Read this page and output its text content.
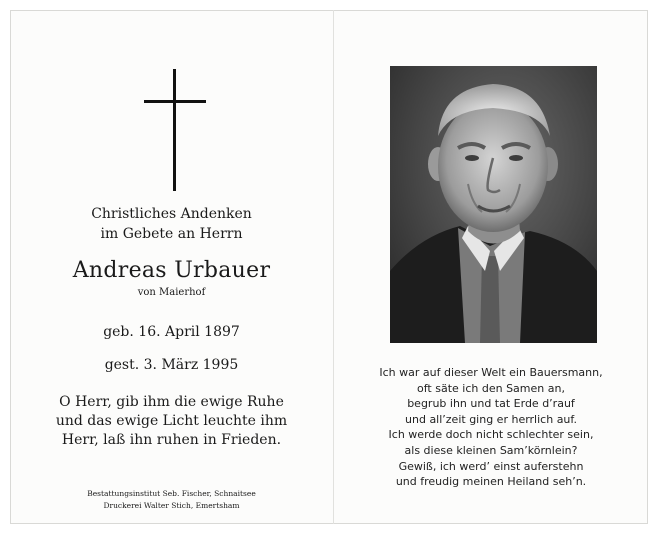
Christliches Andenken
im Gebete an Herrn
Andreas Urbauer
von Maierhof
geb. 16. April 1897
gest. 3. März 1995
O Herr, gib ihm die ewige Ruhe
und das ewige Licht leuchte ihm
Herr, laß ihn ruhen in Frieden.
Bestattungsinstitut Seb. Fischer, Schnaitsee
Druckerei Walter Stich, Emertsham
Ich war auf dieser Welt ein Bauersmann,
oft säte ich den Samen an,
begrub ihn und tat Erde d’rauf
und all’zeit ging er herrlich auf.
Ich werde doch nicht schlechter sein,
als diese kleinen Sam’körnlein?
Gewiß, ich werd’ einst auferstehn
und freudig meinen Heiland seh’n.
